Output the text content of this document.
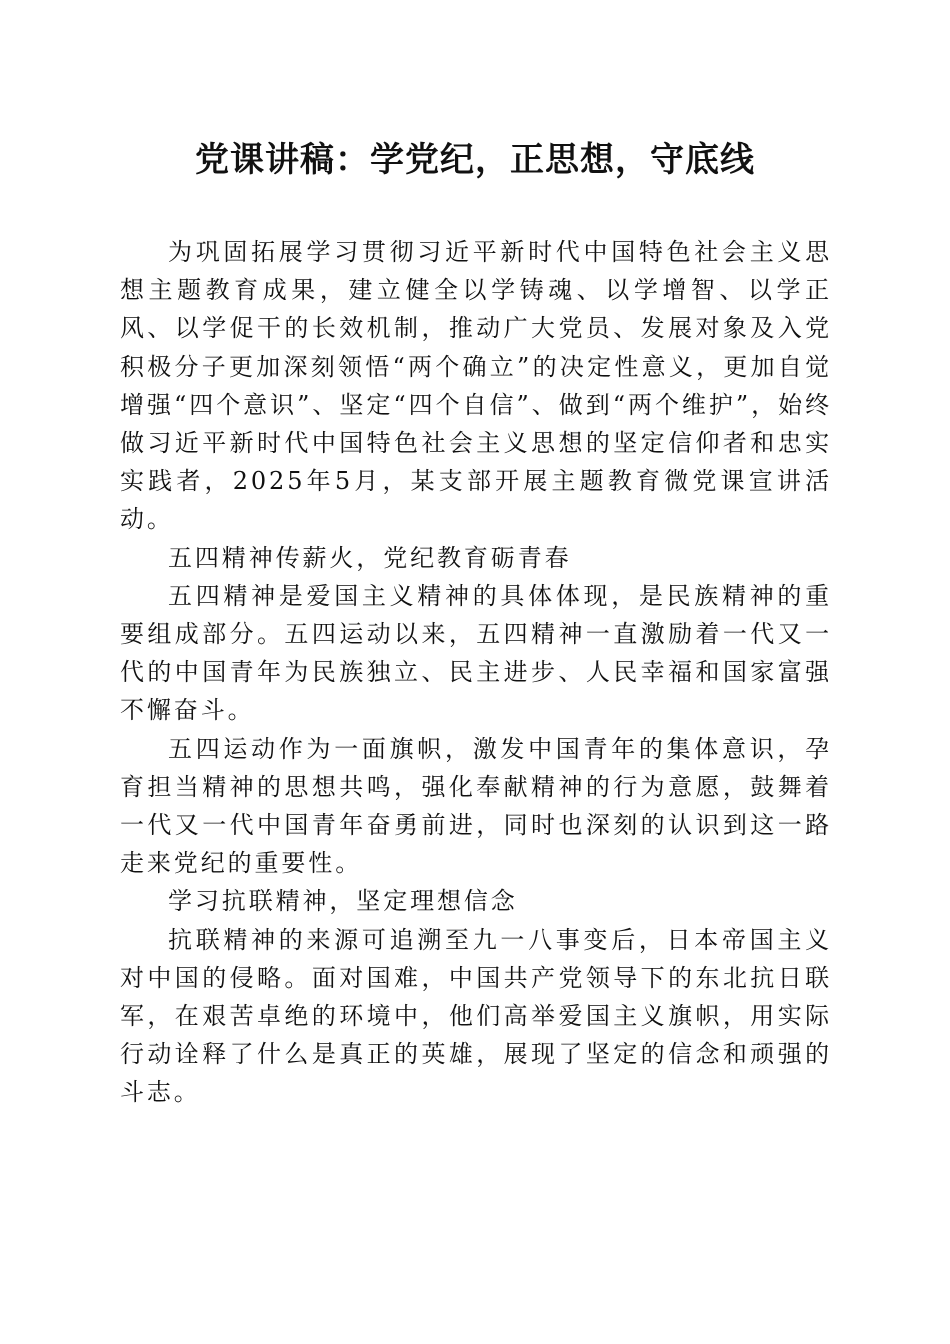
党课讲稿：学党纪，正思想，守底线

为巩固拓展学习贯彻习近平新时代中国特色社会主义思想主题教育成果，建立健全以学铸魂、以学增智、以学正风、以学促干的长效机制，推动广大党员、发展对象及入党积极分子更加深刻领悟“两个确立”的决定性意义，更加自觉增强“四个意识”、坚定“四个自信”、做到“两个维护”，始终做习近平新时代中国特色社会主义思想的坚定信仰者和忠实实践者，2025年5月，某支部开展主题教育微党课宣讲活动。

五四精神传薪火，党纪教育砺青春

五四精神是爱国主义精神的具体体现，是民族精神的重要组成部分。五四运动以来，五四精神一直激励着一代又一代的中国青年为民族独立、民主进步、人民幸福和国家富强不懈奋斗。

五四运动作为一面旗帜，激发中国青年的集体意识，孕育担当精神的思想共鸣，强化奉献精神的行为意愿，鼓舞着一代又一代中国青年奋勇前进，同时也深刻的认识到这一路走来党纪的重要性。

学习抗联精神，坚定理想信念

抗联精神的来源可追溯至九一八事变后，日本帝国主义对中国的侵略。面对国难，中国共产党领导下的东北抗日联军，在艰苦卓绝的环境中，他们高举爱国主义旗帜，用实际行动诠释了什么是真正的英雄，展现了坚定的信念和顽强的斗志。
